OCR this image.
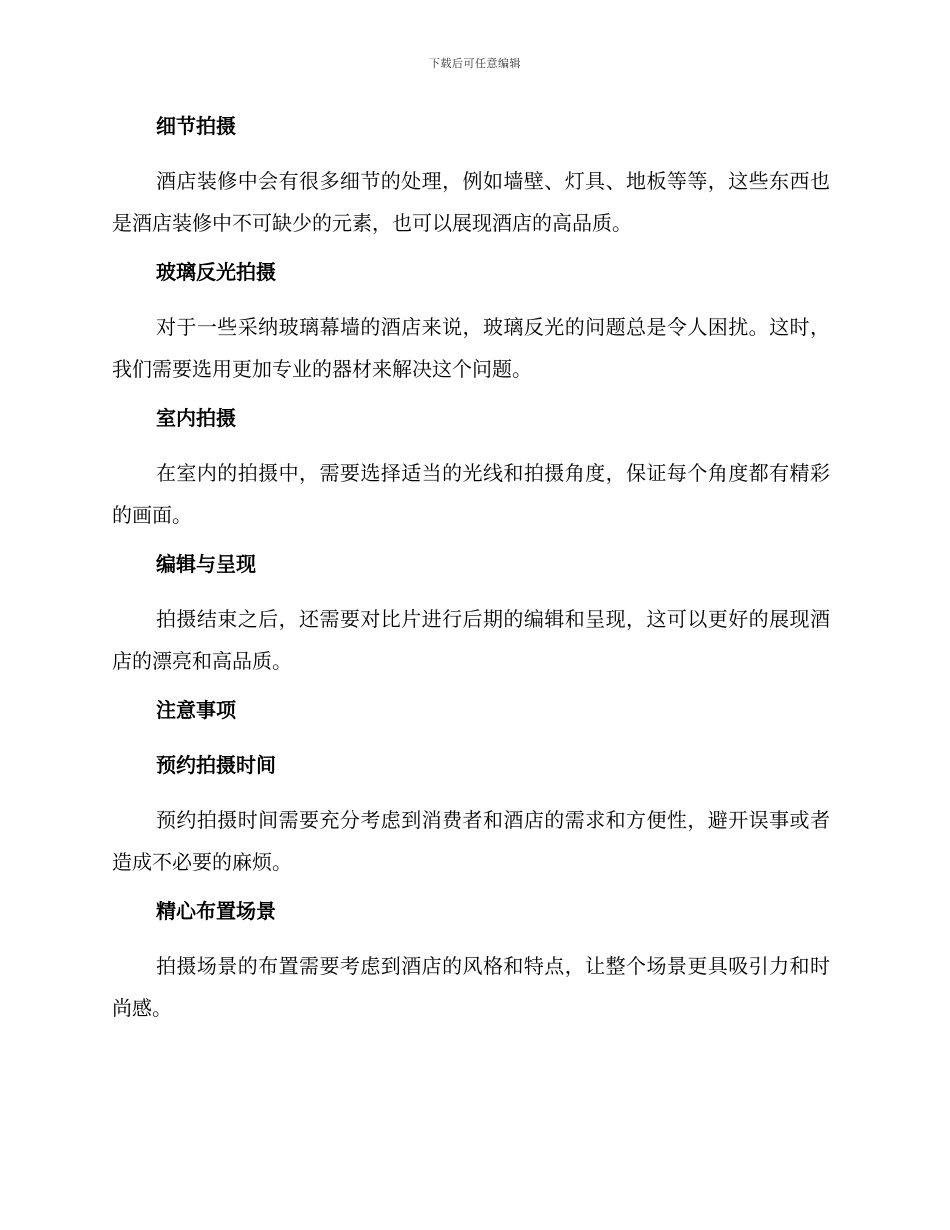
下载后可任意编辑
细节拍摄

酒店装修中会有很多细节的处理，例如墙壁、灯具、地板等等，这些东西也是酒店装修中不可缺少的元素，也可以展现酒店的高品质。

玻璃反光拍摄

对于一些采纳玻璃幕墙的酒店来说，玻璃反光的问题总是令人困扰。这时，我们需要选用更加专业的器材来解决这个问题。

室内拍摄

在室内的拍摄中，需要选择适当的光线和拍摄角度，保证每个角度都有精彩的画面。

编辑与呈现

拍摄结束之后，还需要对比片进行后期的编辑和呈现，这可以更好的展现酒店的漂亮和高品质。

注意事项
预约拍摄时间

预约拍摄时间需要充分考虑到消费者和酒店的需求和方便性，避开误事或者造成不必要的麻烦。

精心布置场景

拍摄场景的布置需要考虑到酒店的风格和特点，让整个场景更具吸引力和时尚感。
